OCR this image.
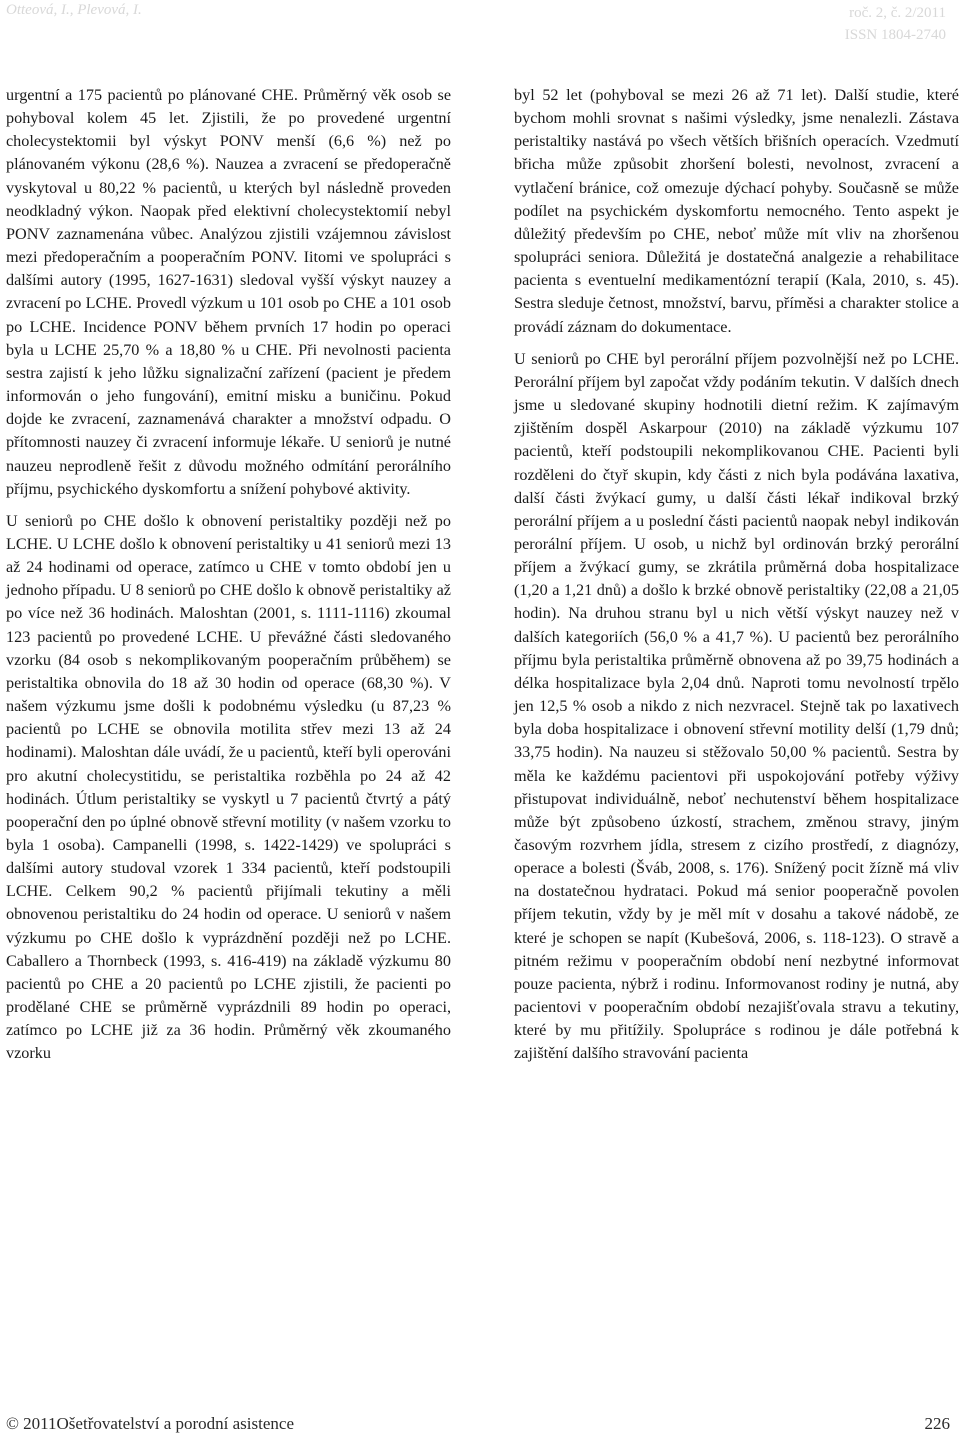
Otteová, I., Plevová, I.	roč. 2, č. 2/2011
ISSN 1804-2740

urgentní a 175 pacientů po plánované CHE. Průměrný věk osob se pohyboval kolem 45 let. Zjistili, že po provedené urgentní cholecystektomii byl výskyt PONV menší (6,6 %) než po plánovaném výkonu (28,6 %). Nauzea a zvracení se předoperačně vyskytoval u 80,22 % pacientů, u kterých byl následně proveden neodkladný výkon. Naopak před elektivní cholecystektomií nebyl PONV zaznamenána vůbec. Analýzou zjistili vzájemnou závislost mezi předoperačním a pooperačním PONV. Iitomi ve spolupráci s dalšími autory (1995, 1627-1631) sledoval vyšší výskyt nauzey a zvracení po LCHE. Provedl výzkum u 101 osob po CHE a 101 osob po LCHE. Incidence PONV během prvních 17 hodin po operaci byla u LCHE 25,70 % a 18,80 % u CHE. Při nevolnosti pacienta sestra zajistí k jeho lůžku signalizační zařízení (pacient je předem informován o jeho fungování), emitní misku a buničinu. Pokud dojde ke zvracení, zaznamenává charakter a množství odpadu. O přítomnosti nauzey či zvracení informuje lékaře. U seniorů je nutné nauzeu neprodleně řešit z důvodu možného odmítání perorálního příjmu, psychického dyskomfortu a snížení pohybové aktivity.

U seniorů po CHE došlo k obnovení peristaltiky později než po LCHE. U LCHE došlo k obnovení peristaltiky u 41 seniorů mezi 13 až 24 hodinami od operace, zatímco u CHE v tomto období jen u jednoho případu. U 8 seniorů po CHE došlo k obnově peristaltiky až po více než 36 hodinách. Maloshtan (2001, s. 1111-1116) zkoumal 123 pacientů po provedené LCHE. U převážné části sledovaného vzorku (84 osob s nekomplikovaným pooperačním průběhem) se peristaltika obnovila do 18 až 30 hodin od operace (68,30 %). V našem výzkumu jsme došli k podobnému výsledku (u 87,23 % pacientů po LCHE se obnovila motilita střev mezi 13 až 24 hodinami). Maloshtan dále uvádí, že u pacientů, kteří byli operováni pro akutní cholecystitidu, se peristaltika rozběhla po 24 až 42 hodinách. Útlum peristaltiky se vyskytl u 7 pacientů čtvrtý a pátý pooperační den po úplné obnově střevní motility (v našem vzorku to byla 1 osoba). Campanelli (1998, s. 1422-1429) ve spolupráci s dalšími autory studoval vzorek 1 334 pacientů, kteří podstoupili LCHE. Celkem 90,2 % pacientů přijímali tekutiny a měli obnovenou peristaltiku do 24 hodin od operace. U seniorů v našem výzkumu po CHE došlo k vyprázdnění později než po LCHE. Caballero a Thornbeck (1993, s. 416-419) na základě výzkumu 80 pacientů po CHE a 20 pacientů po LCHE zjistili, že pacienti po prodělané CHE se průměrně vyprázdnili 89 hodin po operaci, zatímco po LCHE již za 36 hodin. Průměrný věk zkoumaného vzorku

byl 52 let (pohyboval se mezi 26 až 71 let). Další studie, které bychom mohli srovnat s našimi výsledky, jsme nenalezli. Zástava peristaltiky nastává po všech větších břišních operacích. Vzedmutí břicha může způsobit zhoršení bolesti, nevolnost, zvracení a vytlačení bránice, což omezuje dýchací pohyby. Současně se může podílet na psychickém dyskomfortu nemocného. Tento aspekt je důležitý především po CHE, neboť může mít vliv na zhoršenou spolupráci seniora. Důležitá je dostatečná analgezie a rehabilitace pacienta s eventuelní medikamentózní terapií (Kala, 2010, s. 45). Sestra sleduje četnost, množství, barvu, příměsi a charakter stolice a provádí záznam do dokumentace.

U seniorů po CHE byl perorální příjem pozvolnější než po LCHE. Perorální příjem byl započat vždy podáním tekutin. V dalších dnech jsme u sledované skupiny hodnotili dietní režim. K zajímavým zjištěním dospěl Askarpour (2010) na základě výzkumu 107 pacientů, kteří podstoupili nekomplikovanou CHE. Pacienti byli rozděleni do čtyř skupin, kdy části z nich byla podávána laxativa, další části žvýkací gumy, u další části lékař indikoval brzký perorální příjem a u poslední části pacientů naopak nebyl indikován perorální příjem. U osob, u nichž byl ordinován brzký perorální příjem a žvýkací gumy, se zkrátila průměrná doba hospitalizace (1,20 a 1,21 dnů) a došlo k brzké obnově peristaltiky (22,08 a 21,05 hodin). Na druhou stranu byl u nich větší výskyt nauzey než v dalších kategoriích (56,0 % a 41,7 %). U pacientů bez perorálního příjmu byla peristaltika průměrně obnovena až po 39,75 hodinách a délka hospitalizace byla 2,04 dnů. Naproti tomu nevolností trpělo jen 12,5 % osob a nikdo z nich nezvracel. Stejně tak po laxativech byla doba hospitalizace i obnovení střevní motility delší (1,79 dnů; 33,75 hodin). Na nauzeu si stěžovalo 50,00 % pacientů. Sestra by měla ke každému pacientovi při uspokojování potřeby výživy přistupovat individuálně, neboť nechutenství během hospitalizace může být způsobeno úzkostí, strachem, změnou stravy, jiným časovým rozvrhem jídla, stresem z cizího prostředí, z diagnózy, operace a bolesti (Šváb, 2008, s. 176). Snížený pocit žízně má vliv na dostatečnou hydrataci. Pokud má senior pooperačně povolen příjem tekutin, vždy by je měl mít v dosahu a takové nádobě, ze které je schopen se napít (Kubešová, 2006, s. 118-123). O stravě a pitném režimu v pooperačním období není nezbytné informovat pouze pacienta, nýbrž i rodinu. Informovanost rodiny je nutná, aby pacientovi v pooperačním období nezajišťovala stravu a tekutiny, které by mu přitížily. Spolupráce s rodinou je dále potřebná k zajištění dalšího stravování pacienta

© 2011Ošetřovatelství a porodní asistence	226
